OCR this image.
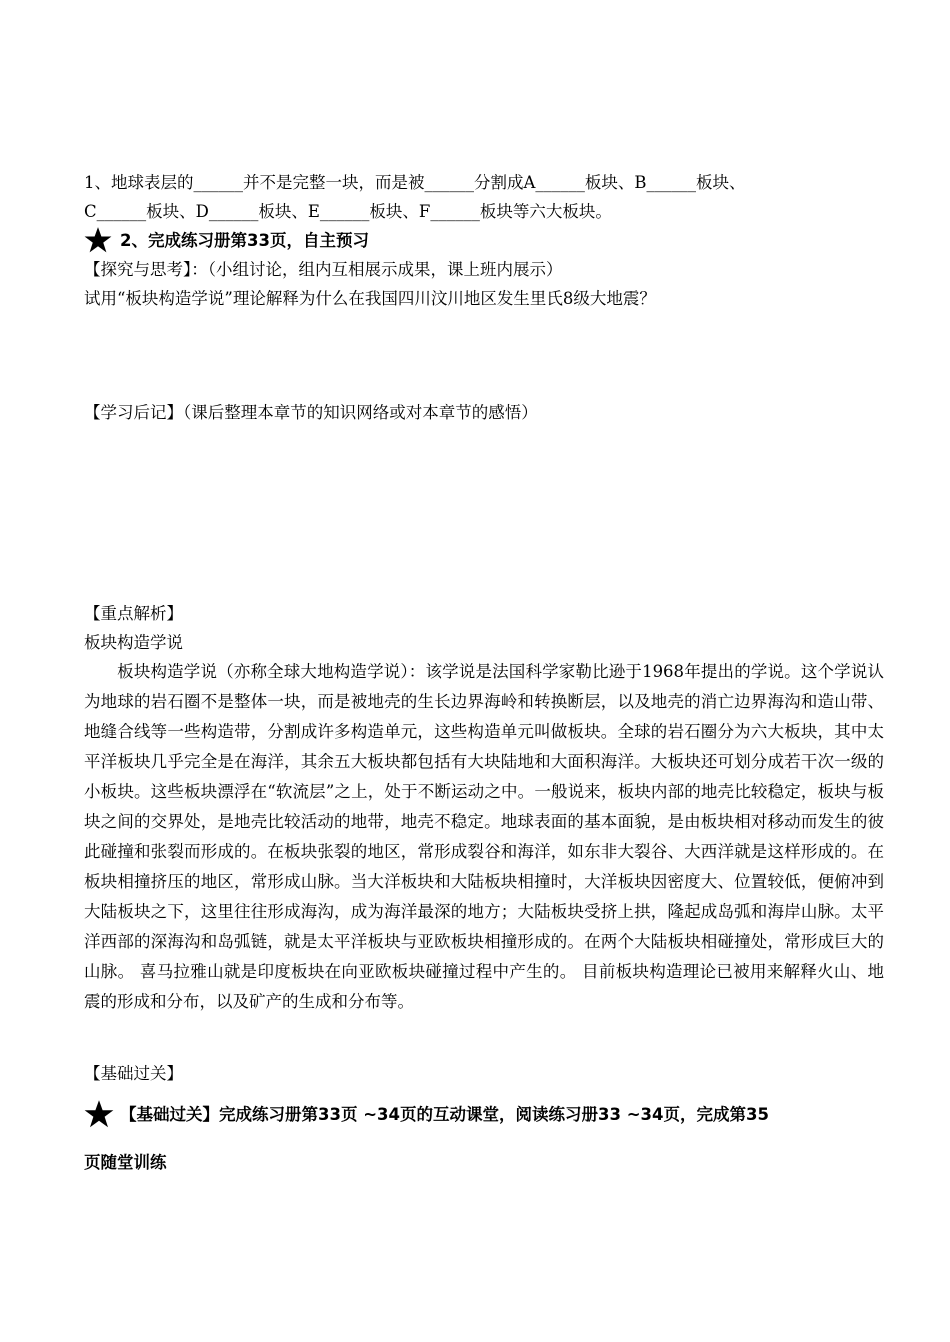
1、地球表层的______并不是完整一块，而是被______分割成A______板块、B______板块、
C______板块、D______板块、E______板块、F______板块等六大板块。
2、完成练习册第33页，自主预习
【探究与思考】：（小组讨论，组内互相展示成果，课上班内展示）
试用“板块构造学说”理论解释为什么在我国四川汶川地区发生里氏8级大地震？
【学习后记】（课后整理本章节的知识网络或对本章节的感悟）
【重点解析】
板块构造学说
板块构造学说（亦称全球大地构造学说）：该学说是法国科学家勒比逊于1968年提出的学说。这个学说认为地球的岩石圈不是整体一块，而是被地壳的生长边界海岭和转换断层，以及地壳的消亡边界海沟和造山带、地缝合线等一些构造带，分割成许多构造单元，这些构造单元叫做板块。全球的岩石圈分为六大板块，其中太平洋板块几乎完全是在海洋，其余五大板块都包括有大块陆地和大面积海洋。大板块还可划分成若干次一级的小板块。这些板块漂浮在“软流层”之上，处于不断运动之中。一般说来，板块内部的地壳比较稳定，板块与板块之间的交界处，是地壳比较活动的地带，地壳不稳定。地球表面的基本面貌，是由板块相对移动而发生的彼此碰撞和张裂而形成的。在板块张裂的地区，常形成裂谷和海洋，如东非大裂谷、大西洋就是这样形成的。在板块相撞挤压的地区，常形成山脉。当大洋板块和大陆板块相撞时，大洋板块因密度大、位置较低，便俯冲到大陆板块之下，这里往往形成海沟，成为海洋最深的地方；大陆板块受挤上拱，隆起成岛弧和海岸山脉。太平洋西部的深海沟和岛弧链，就是太平洋板块与亚欧板块相撞形成的。在两个大陆板块相碰撞处，常形成巨大的山脉。 喜马拉雅山就是印度板块在向亚欧板块碰撞过程中产生的。 目前板块构造理论已被用来解释火山、地震的形成和分布，以及矿产的生成和分布等。
【基础过关】
【基础过关】完成练习册第33页 ~34页的互动课堂，阅读练习册33 ~34页，完成第35
页随堂训练
